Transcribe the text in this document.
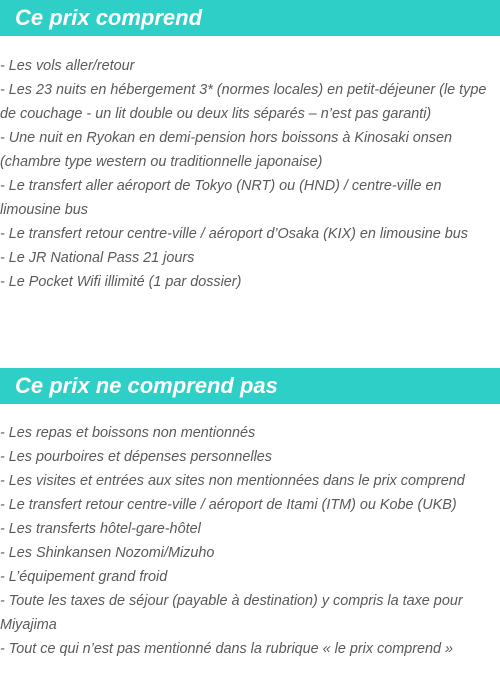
Ce prix comprend
- Les vols aller/retour
- Les 23 nuits en hébergement 3* (normes locales) en petit-déjeuner (le type de couchage - un lit double ou deux lits séparés – n’est pas garanti)
- Une nuit en Ryokan en demi-pension hors boissons à Kinosaki onsen (chambre type western ou traditionnelle japonaise)
- Le transfert aller aéroport de Tokyo (NRT) ou (HND) / centre-ville en limousine bus
- Le transfert retour centre-ville / aéroport d’Osaka (KIX) en limousine bus
- Le JR National Pass 21 jours
- Le Pocket Wifi illimité (1 par dossier)
Ce prix ne comprend pas
- Les repas et boissons non mentionnés
- Les pourboires et dépenses personnelles
- Les visites et entrées aux sites non mentionnées dans le prix comprend
- Le transfert retour centre-ville / aéroport de Itami (ITM) ou Kobe (UKB)
- Les transferts hôtel-gare-hôtel
- Les Shinkansen Nozomi/Mizuho
- L’équipement grand froid
- Toute les taxes de séjour (payable à destination) y compris la taxe pour Miyajima
- Tout ce qui n’est pas mentionné dans la rubrique « le prix comprend »
